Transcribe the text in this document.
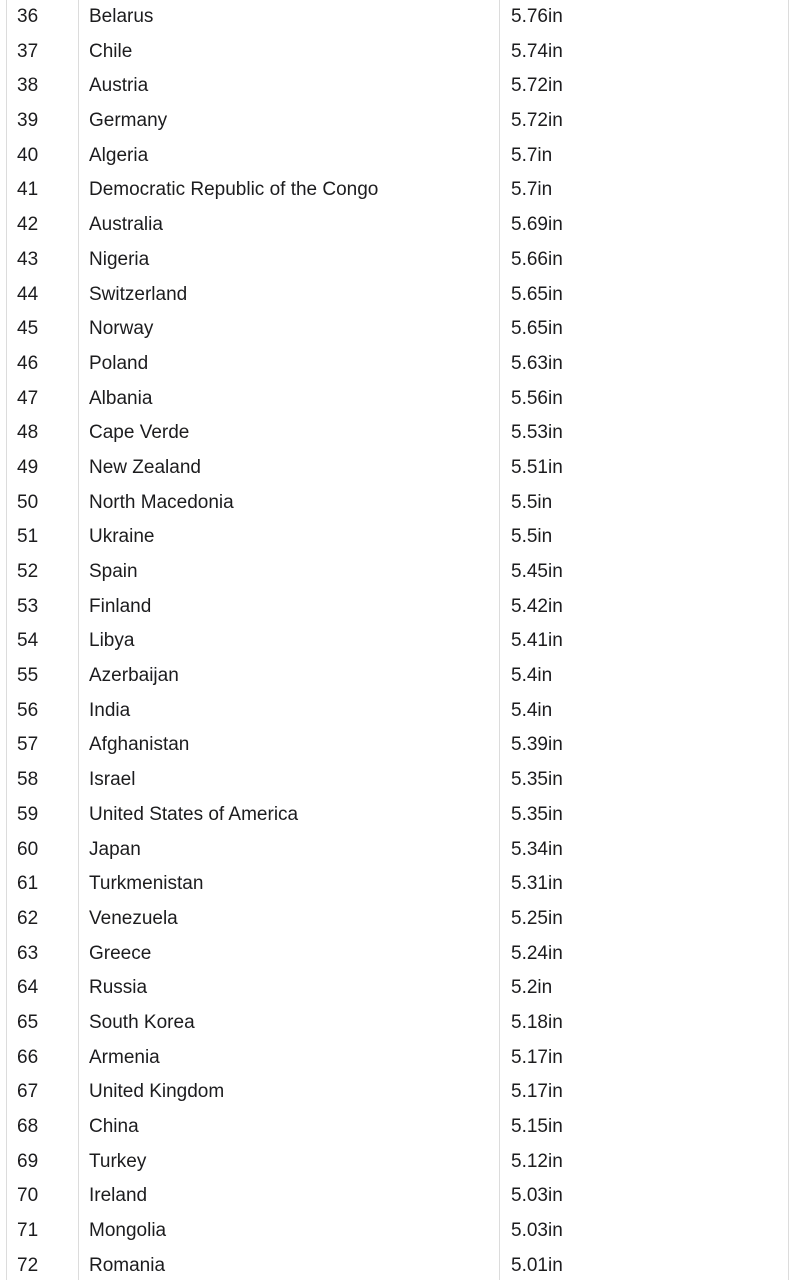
36	Belarus	5.76in
37	Chile	5.74in
38	Austria	5.72in
39	Germany	5.72in
40	Algeria	5.7in
41	Democratic Republic of the Congo	5.7in
42	Australia	5.69in
43	Nigeria	5.66in
44	Switzerland	5.65in
45	Norway	5.65in
46	Poland	5.63in
47	Albania	5.56in
48	Cape Verde	5.53in
49	New Zealand	5.51in
50	North Macedonia	5.5in
51	Ukraine	5.5in
52	Spain	5.45in
53	Finland	5.42in
54	Libya	5.41in
55	Azerbaijan	5.4in
56	India	5.4in
57	Afghanistan	5.39in
58	Israel	5.35in
59	United States of America	5.35in
60	Japan	5.34in
61	Turkmenistan	5.31in
62	Venezuela	5.25in
63	Greece	5.24in
64	Russia	5.2in
65	South Korea	5.18in
66	Armenia	5.17in
67	United Kingdom	5.17in
68	China	5.15in
69	Turkey	5.12in
70	Ireland	5.03in
71	Mongolia	5.03in
72	Romania	5.01in
